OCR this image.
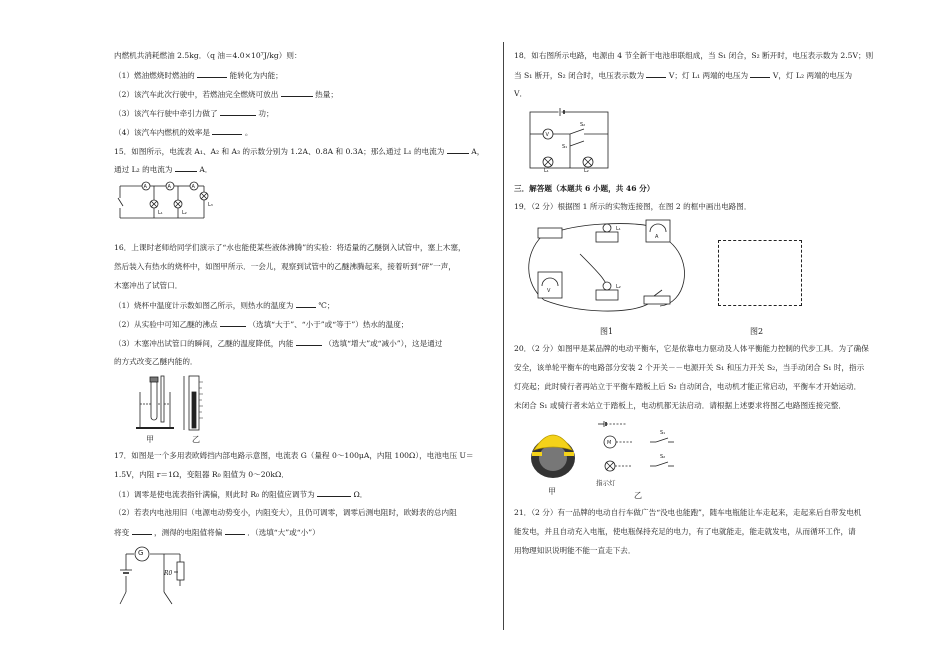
内燃机共消耗燃油 2.5kg．（q 油＝4.0×10⁷J/kg）则：
（1）燃油燃烧时燃油的	能转化为内能；
（2）该汽车此次行驶中，若燃油完全燃烧可放出	热量；
（3）该汽车行驶中牵引力做了	功；
（4）该汽车内燃机的效率是	。
15．如图所示，电流表 A₁、A₂ 和 A₃ 的示数分别为 1.2A、0.8A 和 0.3A；那么通过 L₁ 的电流为	A，
通过 L₂ 的电流为	A．
A	A	A
L₁	L₂
L₃
16．上课时老师给同学们演示了“水也能使某些液体沸腾”的实验：将适量的乙醚倒入试管中，塞上木塞，
然后装入有热水的烧杯中，如图甲所示．一会儿，观察到试管中的乙醚沸腾起来，接着听到“砰”一声，
木塞冲出了试管口．
（1）烧杯中温度计示数如图乙所示，则热水的温度为	℃；
（2）从实验中可知乙醚的沸点	（选填“大于”、“小于”或“等于”）热水的温度；
（3）木塞冲出试管口的瞬间，乙醚的温度降低，内能	（选填“增大”或“减小”），这是通过
的方式改变乙醚内能的．
甲	乙
17．如图是一个多用表欧姆挡内部电路示意图，电流表 G（量程 0～100μA，内阻 100Ω），电池电压 U＝
1.5V，内阻 r＝1Ω，变阻器 R₀ 阻值为 0～20kΩ．
（1）调零是使电流表指针满偏，则此时 R₀ 的阻值应调节为	Ω．
（2）若表内电池用旧（电源电动势变小，内阻变大），且仍可调零，调零后测电阻时，欧姆表的总内阻
将变	，测得的电阻值将偏	．（选填“大”或“小”）
G
R0
18．如右图所示电路，电源由 4 节全新干电池串联组成，当 S₁ 闭合，S₂ 断开时，电压表示数为 2.5V；则
当 S₁ 断开，S₂ 闭合时，电压表示数为	V；灯 L₁ 两端的电压为	V，灯 L₂ 两端的电压为
V．
V
S₂
S₁
L₁	L₂
三．解答题（本题共 6 小题，共 46 分）
19．（2 分）根据图 1 所示的实物连接图，在图 2 的框中画出电路图．
L₁
L₂
A
V
图1	图2
20．（2 分）如图甲是某品牌的电动平衡车，它是依靠电力驱动及人体平衡能力控制的代步工具．为了确保
安全，该单轮平衡车的电路部分安装 2 个开关－－电源开关 S₁ 和压力开关 S₂，当手动闭合 S₁ 时，指示
灯亮起；此时骑行者再站立于平衡车踏板上后 S₂ 自动闭合，电动机才能正常启动，平衡车才开始运动．
未闭合 S₁ 或骑行者未站立于踏板上，电动机都无法启动．请根据上述要求将图乙电路图连接完整．
甲
M
S₁
S₂
指示灯
乙
21．（2 分）有一品牌的电动自行车做广告“没电也能跑”，随车电瓶能让车走起来，走起来后自带发电机
能发电，并且自动充入电瓶，使电瓶保持充足的电力，有了电就能走，能走就发电，从而循环工作，请
用物理知识说明能不能一直走下去．
